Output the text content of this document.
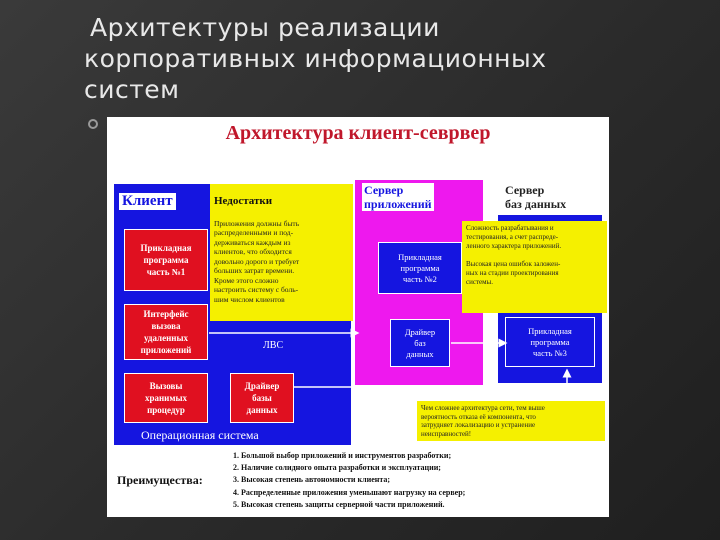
Архитектуры реализации
корпоративных информационных
систем
Архитектура клиент-севрвер
Клиент
Прикладная
программа
часть №1
Интерфейс
вызова
удаленных
приложений	ЛВС
Вызовы
хранимых
процедур
Драйвер
базы
данных
Операционная система

Недостатки

Приложения должны быть
распределенными и под-
держиваться каждым из
клиентов, что обходится
довольно дорого и требует
больших затрат времени.
Кроме этого сложно
настроить систему с боль-
шим числом клиентов

Сервер
приложений
Прикладная
программа
часть №2
Драйвер
баз
данных
Сервер
баз данных
Прикладная
программа
часть №3
Сложность разрабатывания и
тестирования, а счет распреде-
ленного характера приложений.

Высокая цена ошибок заложен-
ных на стадии проектирования
системы.
Чем сложнее архитектура сети, тем выше
вероятность отказа её компонента, что
затрудняет локализацию и устранение
неисправностей!
Преимущества:
1. Большой выбор приложений и инструментов разработки;
2. Наличие солидного опыта разработки и эксплуатации;
3. Высокая степень автономности клиента;
4. Распределенные приложения уменьшают нагрузку на сервер;
5. Высокая степень защиты серверной части приложений.
